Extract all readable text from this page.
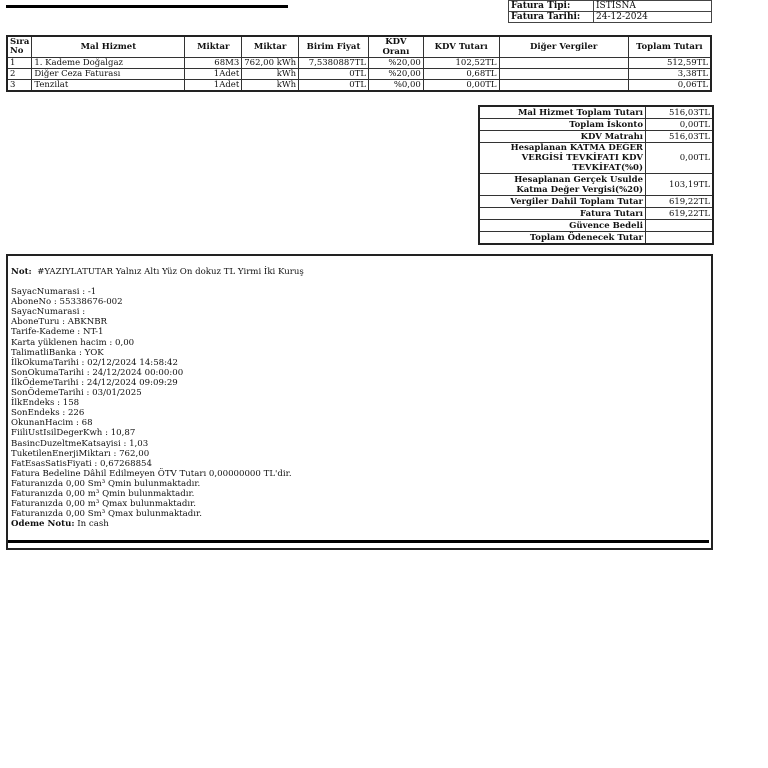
Fatura Tipi:	İSTİSNA
Fatura Tarihi:	24-12-2024
Sıra No	Mal Hizmet	Miktar	Miktar	Birim Fiyat	KDV Oranı	KDV Tutarı	Diğer Vergiler	Toplam Tutarı
1	1. Kademe Doğalgaz	68M3	762,00 kWh	7,5380887TL	%20,00	102,52TL		512,59TL
2	Diğer Ceza Faturası	1Adet	kWh	0TL	%20,00	0,68TL		3,38TL
3	Tenzilat	1Adet	kWh	0TL	%0,00	0,00TL		0,06TL
Mal Hizmet Toplam Tutarı	516,03TL
Toplam İskonto	0,00TL
KDV Matrahı	516,03TL
Hesaplanan KATMA DEĞER VERGİSİ TEVKİFATI KDV TEVKİFAT(%0)	0,00TL
Hesaplanan Gerçek Usulde Katma Değer Vergisi(%20)	103,19TL
Vergiler Dahil Toplam Tutar	619,22TL
Fatura Tutarı	619,22TL
Güvence Bedeli	
Toplam Ödenecek Tutar	
Not: #YAZIYLATUTAR Yalnız Altı Yüz On dokuz TL Yirmi İki Kuruş
SayacNumarasi : -1
AboneNo : 55338676-002
SayacNumarasi :
AboneTuru : ABKNBR
Tarife-Kademe : NT-1
Karta yüklenen hacim : 0,00
TalimatliBanka : YOK
İlkOkumaTarihi : 02/12/2024 14:58:42
SonOkumaTarihi : 24/12/2024 00:00:00
İlkÖdemeTarihi : 24/12/2024 09:09:29
SonÖdemeTarihi : 03/01/2025
İlkEndeks : 158
SonEndeks : 226
OkunanHacim : 68
FiiliUstIsilDegerKwh : 10,87
BasincDuzeltmeKatsayisi : 1,03
TuketilenEnerjiMiktarı : 762,00
FatEsasSatisFiyati : 0,67268854
Fatura Bedeline Dâhil Edilmeyen ÖTV Tutarı 0,00000000 TL'dir.
Faturanızda 0,00 Sm³ Qmin bulunmaktadır.
Faturanızda 0,00 m³ Qmin bulunmaktadır.
Faturanızda 0,00 m³ Qmax bulunmaktadır.
Faturanızda 0,00 Sm³ Qmax bulunmaktadır.
Odeme Notu: In cash
